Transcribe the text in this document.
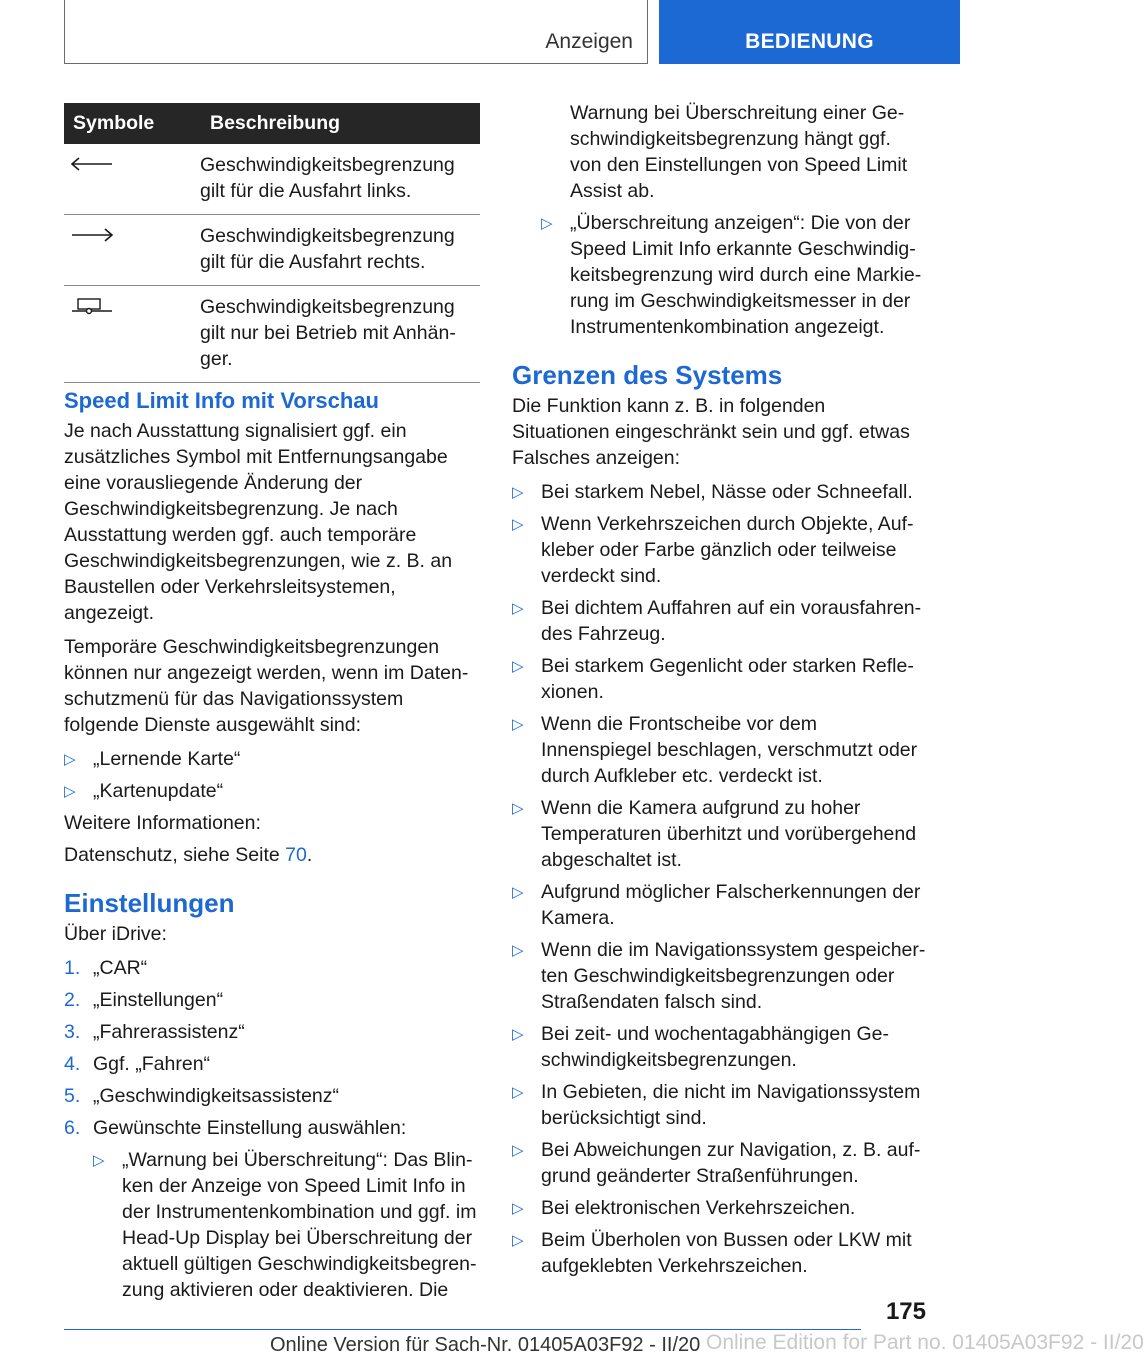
Anzeigen	BEDIENUNG
Symbole	Beschreibung
	Geschwindigkeitsbegrenzung gilt für die Ausfahrt links.
	Geschwindigkeitsbegrenzung gilt für die Ausfahrt rechts.
	Geschwindigkeitsbegrenzung gilt nur bei Betrieb mit Anhänger.
Speed Limit Info mit Vorschau

Je nach Ausstattung signalisiert ggf. ein zusätzliches Symbol mit Entfernungsangabe eine vorausliegende Änderung der Geschwindigkeitsbegrenzung. Je nach Ausstattung werden ggf. auch temporäre Geschwindigkeitsbegrenzungen, wie z. B. an Baustellen oder Verkehrsleitsystemen, angezeigt.

Temporäre Geschwindigkeitsbegrenzungen können nur angezeigt werden, wenn im Datenschutzmenü für das Navigationssystem folgende Dienste ausgewählt sind:

▷ „Lernende Karte“
▷ „Kartenupdate“

Weitere Informationen:

Datenschutz, siehe Seite 70.

Einstellungen

Über iDrive:

1. „CAR“
2. „Einstellungen“
3. „Fahrerassistenz“
4. Ggf. „Fahren“
5. „Geschwindigkeitsassistenz“
6. Gewünschte Einstellung auswählen:
▷ „Warnung bei Überschreitung“: Das Blinken der Anzeige von Speed Limit Info in der Instrumentenkombination und ggf. im Head-Up Display bei Überschreitung der aktuell gültigen Geschwindigkeitsbegrenzung aktivieren oder deaktivieren. Die

Warnung bei Überschreitung einer Geschwindigkeitsbegrenzung hängt ggf. von den Einstellungen von Speed Limit Assist ab.

▷ „Überschreitung anzeigen“: Die von der Speed Limit Info erkannte Geschwindigkeitsbegrenzung wird durch eine Markierung im Geschwindigkeitsmesser in der Instrumentenkombination angezeigt.
Grenzen des Systems

Die Funktion kann z. B. in folgenden Situationen eingeschränkt sein und ggf. etwas Falsches anzeigen:

▷ Bei starkem Nebel, Nässe oder Schneefall.
▷ Wenn Verkehrszeichen durch Objekte, Aufkleber oder Farbe gänzlich oder teilweise verdeckt sind.
▷ Bei dichtem Auffahren auf ein vorausfahrendes Fahrzeug.
▷ Bei starkem Gegenlicht oder starken Reflexionen.
▷ Wenn die Frontscheibe vor dem Innenspiegel beschlagen, verschmutzt oder durch Aufkleber etc. verdeckt ist.
▷ Wenn die Kamera aufgrund zu hoher Temperaturen überhitzt und vorübergehend abgeschaltet ist.
▷ Aufgrund möglicher Falscherkennungen der Kamera.
▷ Wenn die im Navigationssystem gespeicherten Geschwindigkeitsbegrenzungen oder Straßendaten falsch sind.
▷ Bei zeit- und wochentagabhängigen Geschwindigkeitsbegrenzungen.
▷ In Gebieten, die nicht im Navigationssystem berücksichtigt sind.
▷ Bei Abweichungen zur Navigation, z. B. aufgrund geänderter Straßenführungen.
▷ Bei elektronischen Verkehrszeichen.
▷ Beim Überholen von Bussen oder LKW mit aufgeklebten Verkehrszeichen.
175
Online Edition for Part no. 01405A03F92 - II/20
Online Version für Sach-Nr. 01405A03F92 - II/20
